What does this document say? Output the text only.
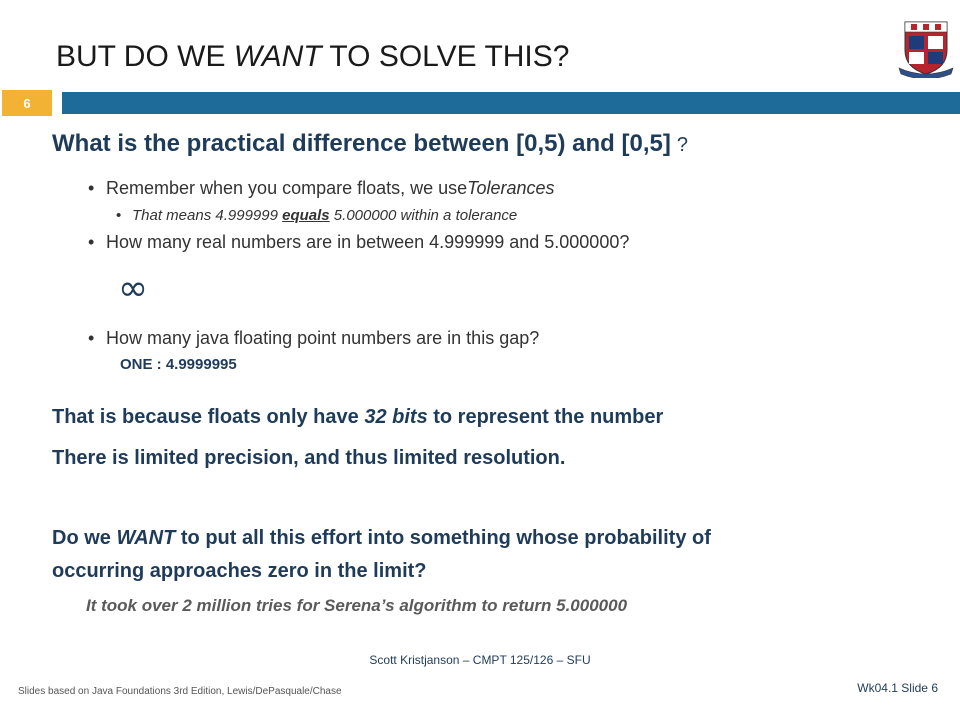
BUT DO WE WANT TO SOLVE THIS?
6
What is the practical difference between [0,5) and [0,5] ?
• Remember when you compare floats, we useTolerances
• That means 4.999999 equals 5.000000 within a tolerance
• How many real numbers are in between 4.999999 and 5.000000?
∞
• How many java floating point numbers are in this gap?
ONE : 4.9999995
That is because floats only have 32 bits to represent the number
There is limited precision, and thus limited resolution.
Do we WANT to put all this effort into something whose probability of
occurring approaches zero in the limit?
It took over 2 million tries for Serena’s algorithm to return 5.000000
Scott Kristjanson – CMPT 125/126 – SFU
Slides based on Java Foundations 3rd Edition, Lewis/DePasquale/Chase	Wk04.1 Slide 6
